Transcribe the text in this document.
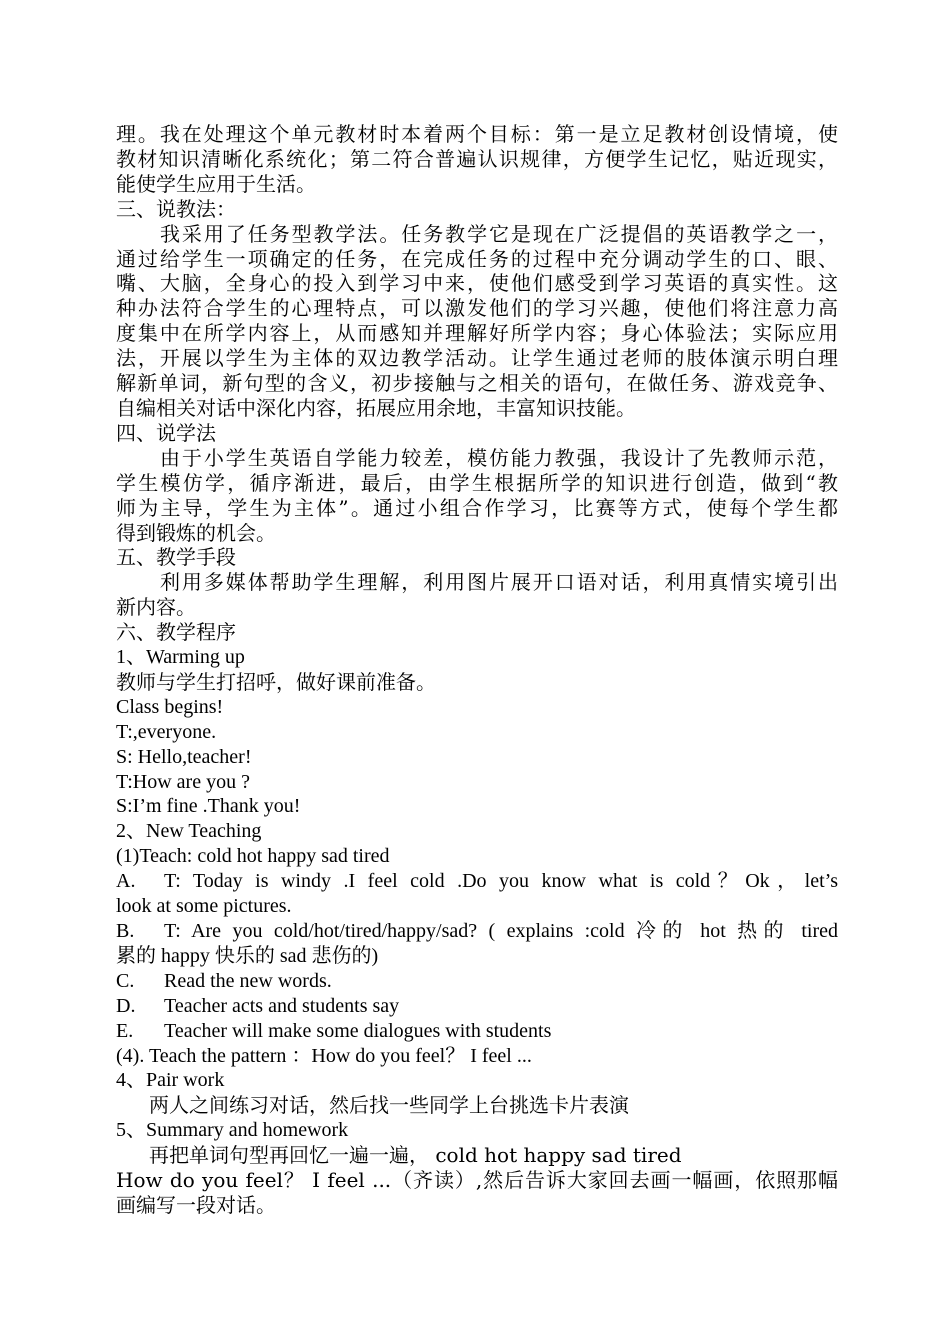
理。我在处理这个单元教材时本着两个目标：第一是立足教材创设情境，使

教材知识清晰化系统化；第二符合普遍认识规律，方便学生记忆，贴近现实，

能使学生应用于生活。

三、说教法：

我采用了任务型教学法。任务教学它是现在广泛提倡的英语教学之一，

通过给学生一项确定的任务，在完成任务的过程中充分调动学生的口、眼、

嘴、大脑，全身心的投入到学习中来，使他们感受到学习英语的真实性。这

种办法符合学生的心理特点，可以激发他们的学习兴趣，使他们将注意力高

度集中在所学内容上，从而感知并理解好所学内容；身心体验法；实际应用

法，开展以学生为主体的双边教学活动。让学生通过老师的肢体演示明白理

解新单词，新句型的含义，初步接触与之相关的语句，在做任务、游戏竞争、

自编相关对话中深化内容，拓展应用余地，丰富知识技能。

四、说学法

由于小学生英语自学能力较差，模仿能力教强，我设计了先教师示范，

学生模仿学，循序渐进，最后，由学生根据所学的知识进行创造，做到“教

师为主导，学生为主体”。通过小组合作学习，比赛等方式，使每个学生都

得到锻炼的机会。

五、教学手段

利用多媒体帮助学生理解，利用图片展开口语对话，利用真情实境引出

新内容。

六、教学程序

1、Warming up

教师与学生打招呼，做好课前准备。

Class begins!

T:,everyone.

S: Hello,teacher!

T:How are you ?

S:I’m fine .Thank you!

2、New Teaching

(1)Teach: cold hot happy sad tired

A. T: Today is windy .I feel cold .Do you know what is cold？Ok，let’s

look at some pictures.

B. T: Are you cold/hot/tired/happy/sad? ( explains :cold 冷的 hot 热的 tired

累的 happy 快乐的 sad 悲伤的)

C. Read the new words.

D. Teacher acts and students say

E. Teacher will make some dialogues with students

(4). Teach the pattern ：How do you feel？ I feel ...

4、Pair work

两人之间练习对话，然后找一些同学上台挑选卡片表演

5、Summary and homework

再把单词句型再回忆一遍一遍， cold hot happy sad tired

How do you feel？ I feel ...（齐读）,然后告诉大家回去画一幅画，依照那幅

画编写一段对话。
